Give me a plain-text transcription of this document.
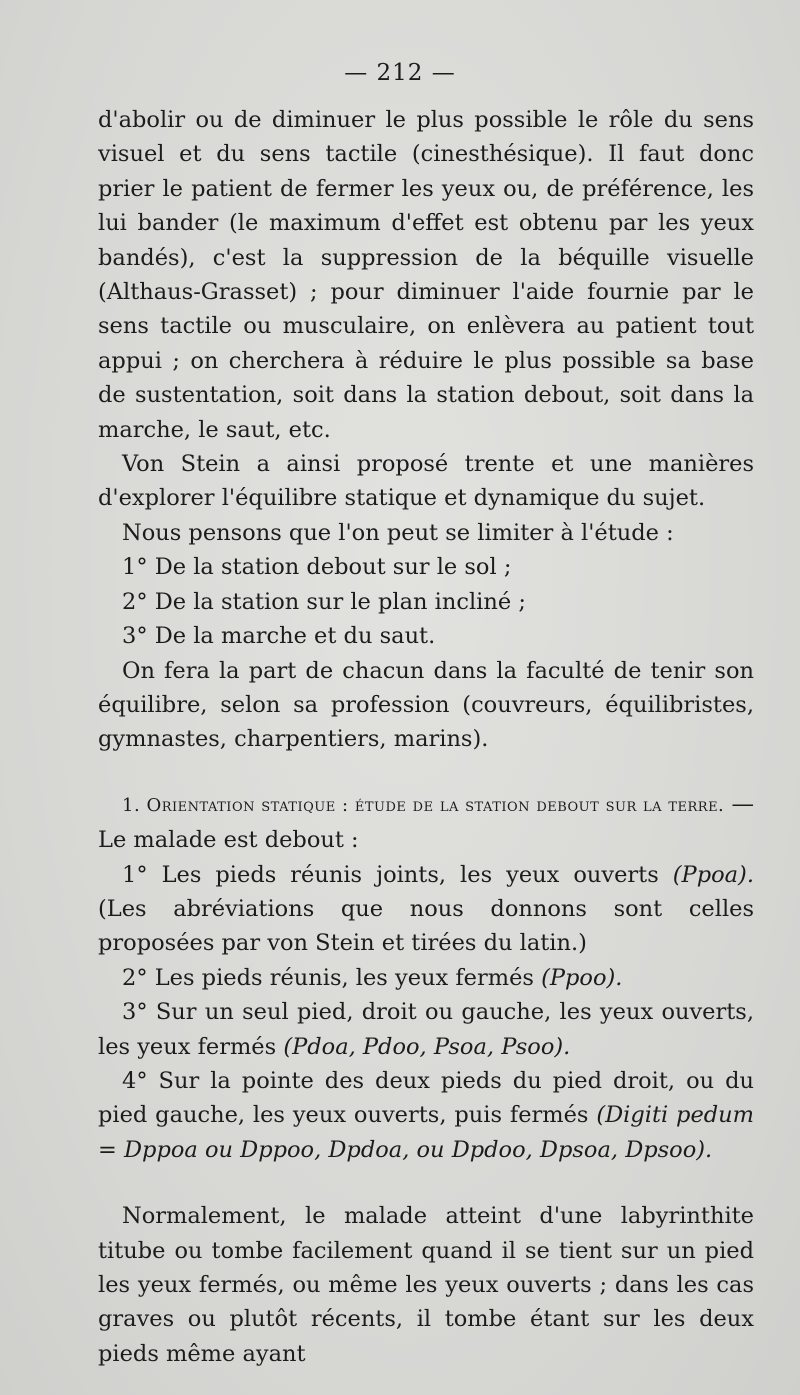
— 212 —

d'abolir ou de diminuer le plus possible le rôle du sens visuel et du sens tactile (cinesthésique). Il faut donc prier le patient de fermer les yeux ou, de préférence, les lui bander (le maximum d'effet est obtenu par les yeux bandés), c'est la suppression de la béquille visuelle (Althaus-Grasset) ; pour diminuer l'aide fournie par le sens tactile ou musculaire, on enlèvera au patient tout appui ; on cherchera à réduire le plus possible sa base de sustentation, soit dans la station debout, soit dans la marche, le saut, etc.

Von Stein a ainsi proposé trente et une manières d'explorer l'équilibre statique et dynamique du sujet.

Nous pensons que l'on peut se limiter à l'étude :

1° De la station debout sur le sol ;

2° De la station sur le plan incliné ;

3° De la marche et du saut.

On fera la part de chacun dans la faculté de tenir son équilibre, selon sa profession (couvreurs, équilibristes, gymnastes, charpentiers, marins).

1. Orientation statique : étude de la station debout sur la terre. — Le malade est debout :

1° Les pieds réunis joints, les yeux ouverts (Ppoa). (Les abréviations que nous donnons sont celles proposées par von Stein et tirées du latin.)

2° Les pieds réunis, les yeux fermés (Ppoo).

3° Sur un seul pied, droit ou gauche, les yeux ouverts, les yeux fermés (Pdoa, Pdoo, Psoa, Psoo).

4° Sur la pointe des deux pieds du pied droit, ou du pied gauche, les yeux ouverts, puis fermés (Digiti pedum = Dppoa ou Dppoo, Dpdoa, ou Dpdoo, Dpsoa, Dpsoo).

Normalement, le malade atteint d'une labyrinthite titube ou tombe facilement quand il se tient sur un pied les yeux fermés, ou même les yeux ouverts ; dans les cas graves ou plutôt récents, il tombe étant sur les deux pieds même ayant
